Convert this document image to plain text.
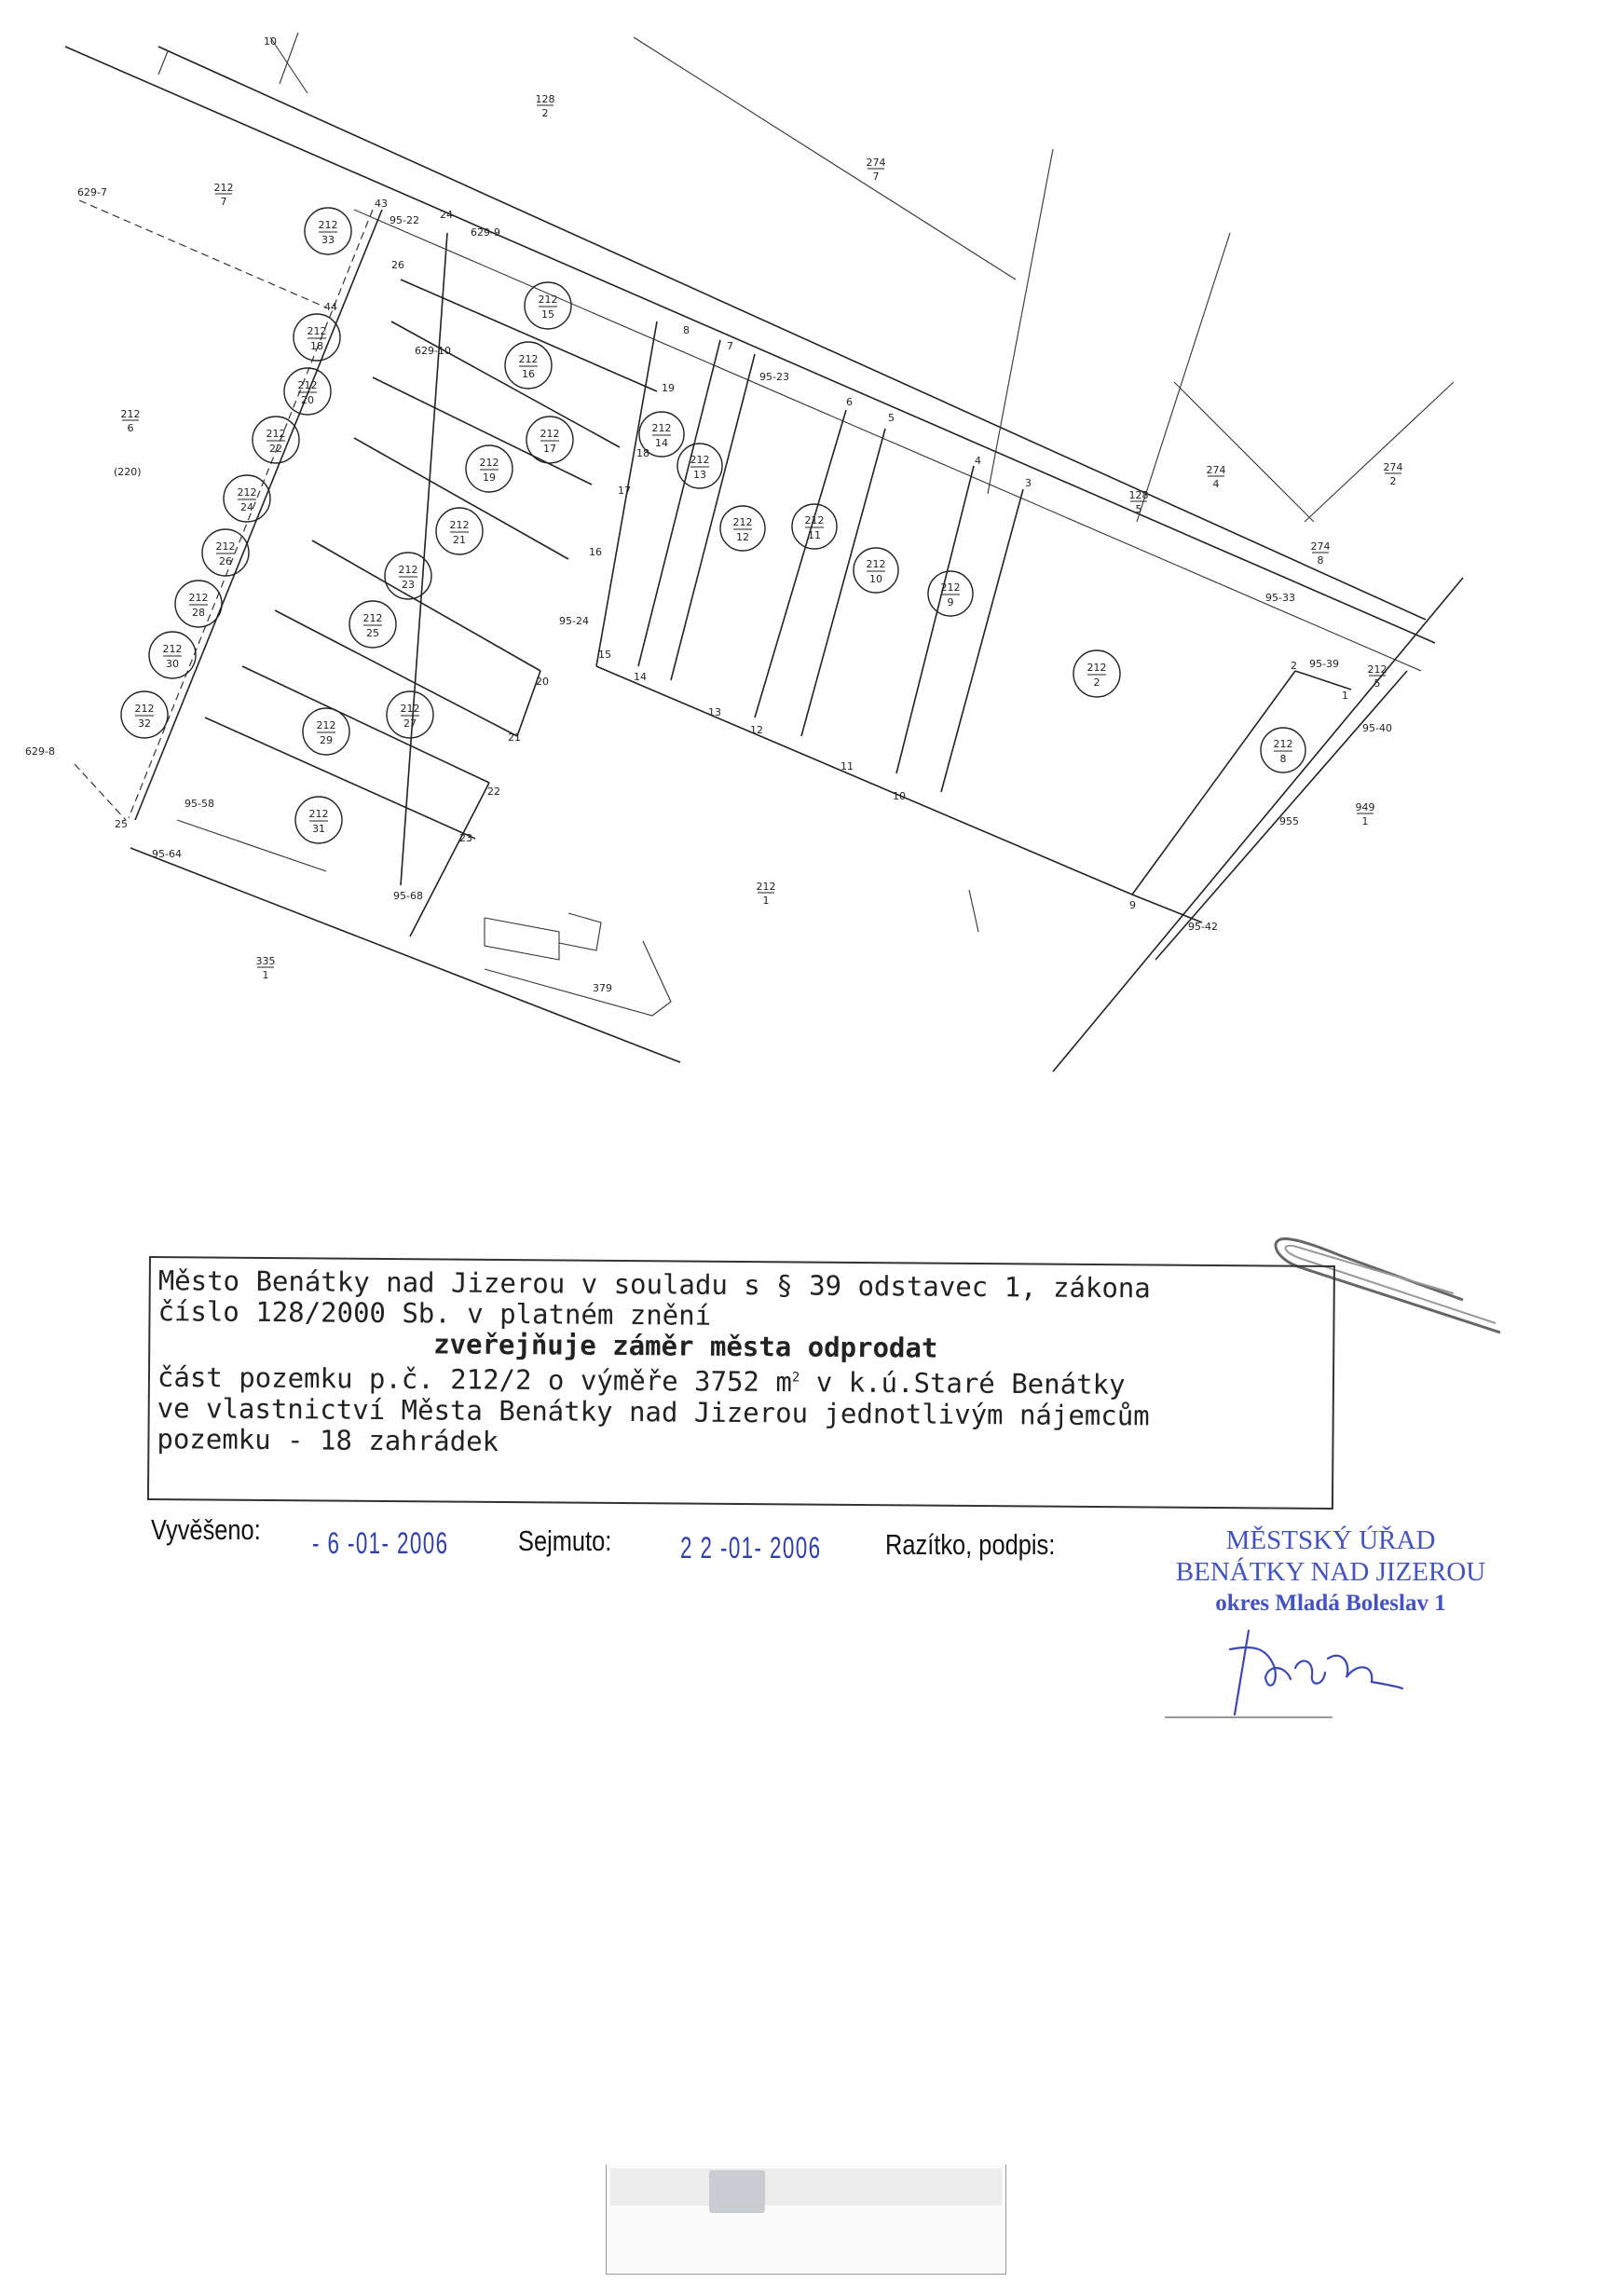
212
33
212
15
212
18
212
16
212
20
212
17
212
22
212
14
212
19
212
13
212
24
212
21
212
12
212
11
212
26	212
10
212
23
212
28
212
9
212
25
212
30	212
2
212
27
212
32	212
29	212
8
212
31
128
2
274
7
212
7
212
6
274
4
274
2
128
5
274
8
212
5
949
1
212
1
335
1
629-7
629-8
629-9
629-10
(220)
95-22
95-24
95-23
95-33
95-39
95-40
95-42
95-58
95-64
95-68
955
379
10
25
23
24
26
43
44
8
3
4
5
6
7
9
10
11
12
13
14
15
16
17
18
19
20
21
22
2
1
Město Benátky nad Jizerou v souladu s § 39 odstavec 1, zákona
číslo 128/2000 Sb. v platném znění
zveřejňuje záměr města odprodat
část pozemku p.č. 212/2 o výměře 3752 $m^2$ v k.ú.Staré Benátky
ve vlastnictví Města Benátky nad Jizerou jednotlivým nájemcům
pozemku - 18 zahrádek
Vyvěšeno: - 6 -01- 2006 Sejmuto: 2 2 -01- 2006 Razítko, podpis:	MĚSTSKÝ ÚŘAD
BENÁTKY NAD JIZEROU
okres Mladá Boleslav 1
